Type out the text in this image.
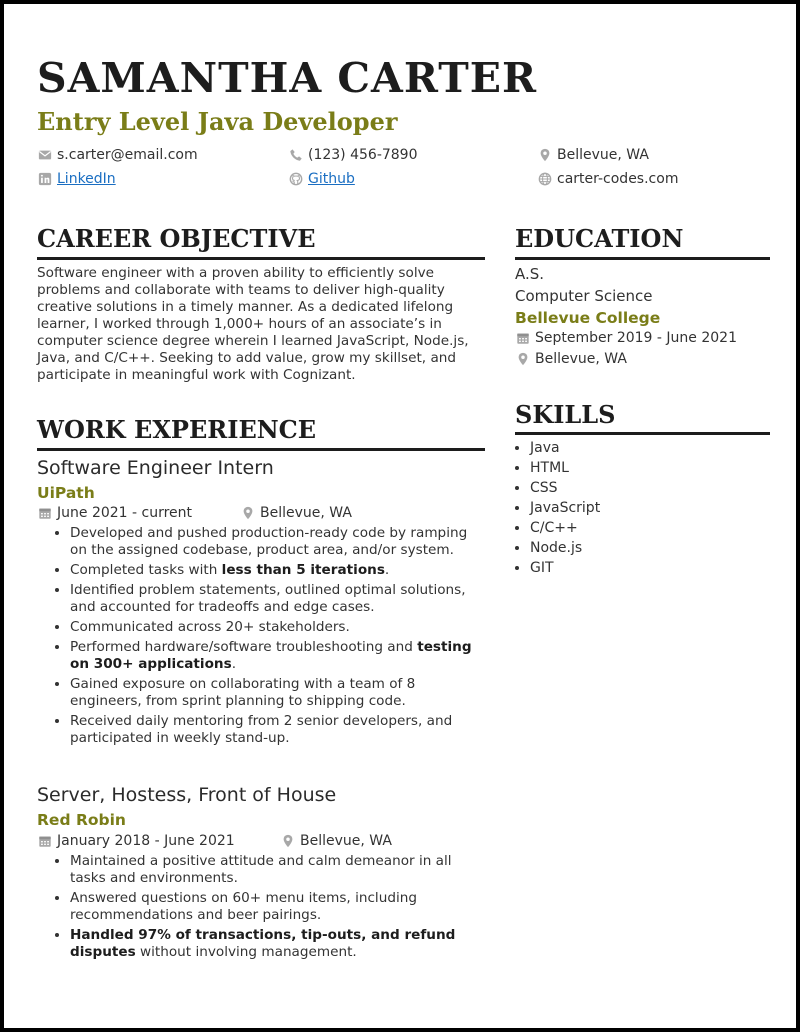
SAMANTHA CARTER
Entry Level Java Developer
s.carter@email.com	(123) 456-7890	Bellevue, WA
LinkedIn	Github	carter-codes.com
CAREER OBJECTIVE

Software engineer with a proven ability to efficiently solve problems and collaborate with teams to deliver high-quality creative solutions in a timely manner. As a dedicated lifelong learner, I worked through 1,000+ hours of an associate’s in computer science degree wherein I learned JavaScript, Node.js, Java, and C/C++. Seeking to add value, grow my skillset, and participate in meaningful work with Cognizant.

WORK EXPERIENCE

Software Engineer Intern

UiPath

June 2021 - current	Bellevue, WA
• Developed and pushed production-ready code by ramping on the assigned codebase, product area, and/or system.
• Completed tasks with less than 5 iterations.
• Identified problem statements, outlined optimal solutions, and accounted for tradeoffs and edge cases.
• Communicated across 20+ stakeholders.
• Performed hardware/software troubleshooting and testing on 300+ applications.
• Gained exposure on collaborating with a team of 8 engineers, from sprint planning to shipping code.
• Received daily mentoring from 2 senior developers, and participated in weekly stand-up.

Server, Hostess, Front of House

Red Robin

January 2018 - June 2021	Bellevue, WA
• Maintained a positive attitude and calm demeanor in all tasks and environments.
• Answered questions on 60+ menu items, including recommendations and beer pairings.
• Handled 97% of transactions, tip-outs, and refund disputes without involving management.
EDUCATION

A.S.

Computer Science

Bellevue College

September 2019 - June 2021
Bellevue, WA
SKILLS
• Java
• HTML
• CSS
• JavaScript
• C/C++
• Node.js
• GIT
